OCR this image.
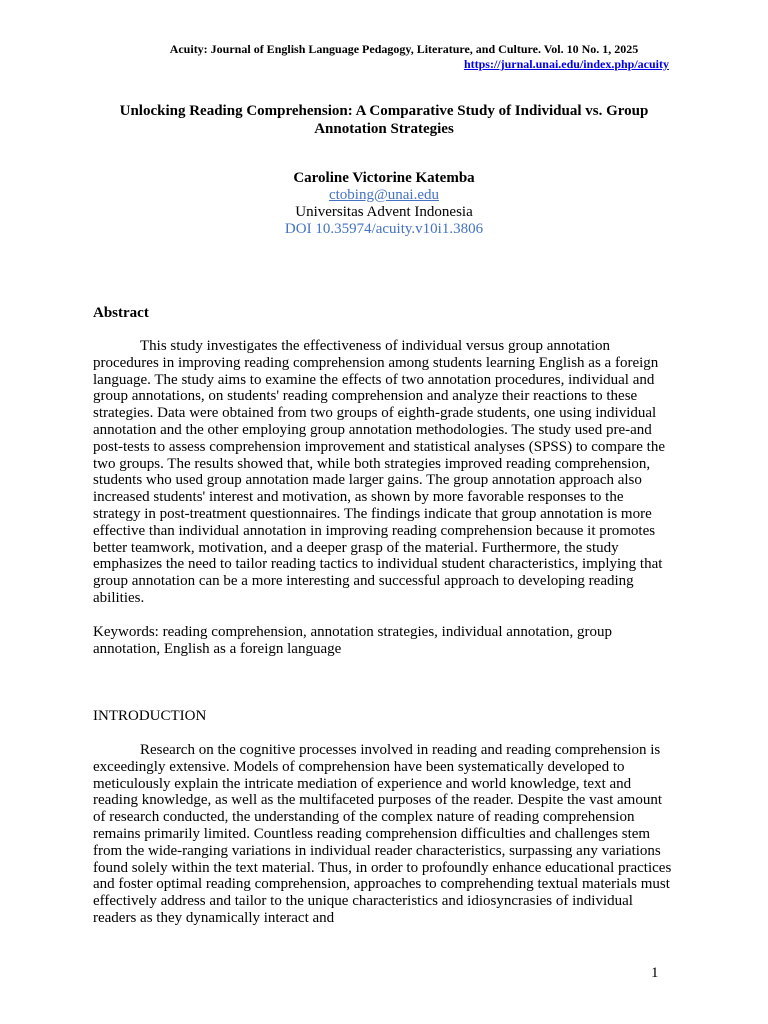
Acuity: Journal of English Language Pedagogy, Literature, and Culture. Vol. 10 No. 1, 2025
https://jurnal.unai.edu/index.php/acuity
Unlocking Reading Comprehension: A Comparative Study of Individual vs. Group Annotation Strategies
Caroline Victorine Katemba
ctobing@unai.edu
Universitas Advent Indonesia
DOI 10.35974/acuity.v10i1.3806
Abstract

This study investigates the effectiveness of individual versus group annotation procedures in improving reading comprehension among students learning English as a foreign language. The study aims to examine the effects of two annotation procedures, individual and group annotations, on students' reading comprehension and analyze their reactions to these strategies. Data were obtained from two groups of eighth-grade students, one using individual annotation and the other employing group annotation methodologies. The study used pre-and post-tests to assess comprehension improvement and statistical analyses (SPSS) to compare the two groups. The results showed that, while both strategies improved reading comprehension, students who used group annotation made larger gains. The group annotation approach also increased students' interest and motivation, as shown by more favorable responses to the strategy in post-treatment questionnaires. The findings indicate that group annotation is more effective than individual annotation in improving reading comprehension because it promotes better teamwork, motivation, and a deeper grasp of the material. Furthermore, the study emphasizes the need to tailor reading tactics to individual student characteristics, implying that group annotation can be a more interesting and successful approach to developing reading abilities.

Keywords: reading comprehension, annotation strategies, individual annotation, group annotation, English as a foreign language

INTRODUCTION

Research on the cognitive processes involved in reading and reading comprehension is exceedingly extensive. Models of comprehension have been systematically developed to meticulously explain the intricate mediation of experience and world knowledge, text and reading knowledge, as well as the multifaceted purposes of the reader. Despite the vast amount of research conducted, the understanding of the complex nature of reading comprehension remains primarily limited. Countless reading comprehension difficulties and challenges stem from the wide-ranging variations in individual reader characteristics, surpassing any variations found solely within the text material. Thus, in order to profoundly enhance educational practices and foster optimal reading comprehension, approaches to comprehending textual materials must effectively address and tailor to the unique characteristics and idiosyncrasies of individual readers as they dynamically interact and

1
